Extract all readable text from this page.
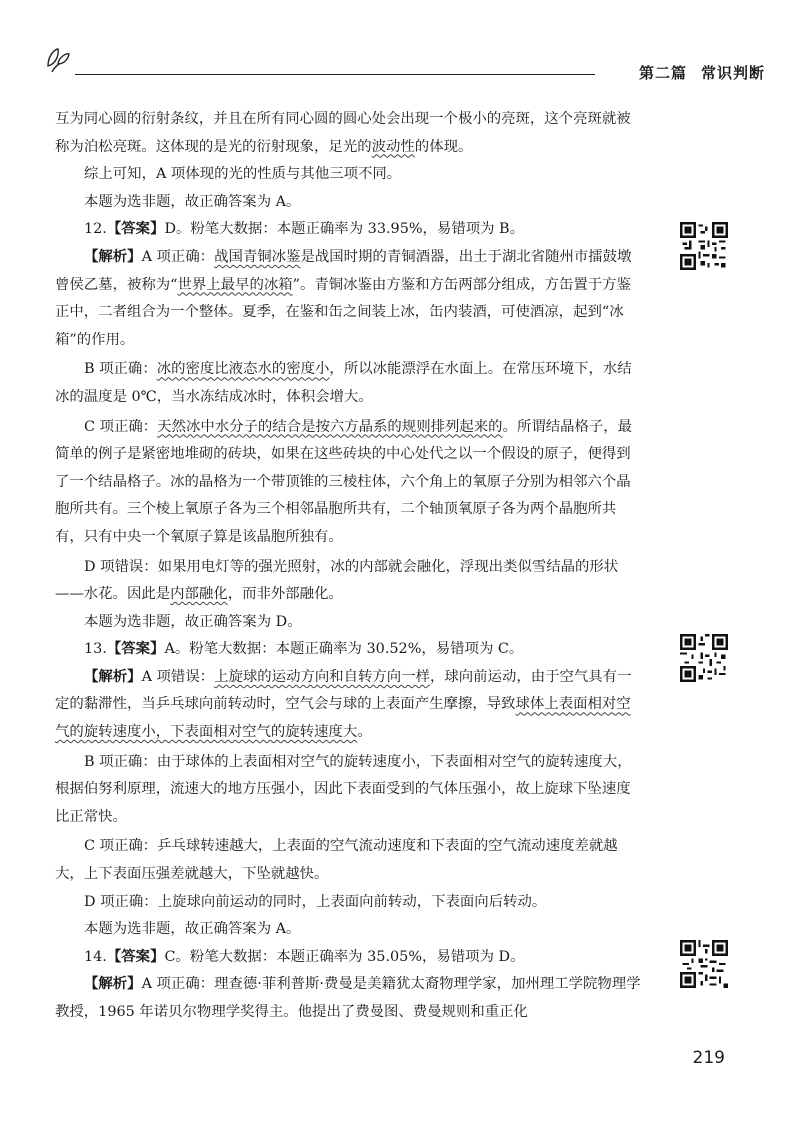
第二篇 常识判断

互为同心圆的衍射条纹，并且在所有同心圆的圆心处会出现一个极小的亮斑，这个亮斑就被称为泊松亮斑。这体现的是光的衍射现象，足光的波动性的体现。

综上可知，A 项体现的光的性质与其他三项不同。

本题为选非题，故正确答案为 A。

12.【答案】D。粉笔大数据：本题正确率为 33.95%，易错项为 B。

【解析】A 项正确：战国青铜冰鉴是战国时期的青铜酒器，出土于湖北省随州市擂鼓墩曾侯乙墓，被称为“世界上最早的冰箱”。青铜冰鉴由方鉴和方缶两部分组成，方缶置于方鉴正中，二者组合为一个整体。夏季，在鉴和缶之间装上冰，缶内装酒，可使酒凉，起到“冰箱”的作用。

B 项正确：冰的密度比液态水的密度小，所以冰能漂浮在水面上。在常压环境下，水结冰的温度是 0℃，当水冻结成冰时，体积会增大。

C 项正确：天然冰中水分子的结合是按六方晶系的规则排列起来的。所谓结晶格子，最简单的例子是紧密地堆砌的砖块，如果在这些砖块的中心处代之以一个假设的原子，便得到了一个结晶格子。冰的晶格为一个带顶锥的三棱柱体，六个角上的氧原子分别为相邻六个晶胞所共有。三个棱上氧原子各为三个相邻晶胞所共有，二个轴顶氧原子各为两个晶胞所共有，只有中央一个氧原子算是该晶胞所独有。

D 项错误：如果用电灯等的强光照射，冰的内部就会融化，浮现出类似雪结晶的形状——水花。因此是内部融化，而非外部融化。

本题为选非题，故正确答案为 D。

13.【答案】A。粉笔大数据：本题正确率为 30.52%，易错项为 C。

【解析】A 项错误：上旋球的运动方向和自转方向一样，球向前运动，由于空气具有一定的黏滞性，当乒乓球向前转动时，空气会与球的上表面产生摩擦，导致球体上表面相对空气的旋转速度小，下表面相对空气的旋转速度大。

B 项正确：由于球体的上表面相对空气的旋转速度小，下表面相对空气的旋转速度大，根据伯努利原理，流速大的地方压强小，因此下表面受到的气体压强小，故上旋球下坠速度比正常快。

C 项正确：乒乓球转速越大，上表面的空气流动速度和下表面的空气流动速度差就越大，上下表面压强差就越大，下坠就越快。

D 项正确：上旋球向前运动的同时，上表面向前转动，下表面向后转动。

本题为选非题，故正确答案为 A。

14.【答案】C。粉笔大数据：本题正确率为 35.05%，易错项为 D。

【解析】A 项正确：理查德·菲利普斯·费曼是美籍犹太裔物理学家，加州理工学院物理学教授，1965 年诺贝尔物理学奖得主。他提出了费曼图、费曼规则和重正化

219
